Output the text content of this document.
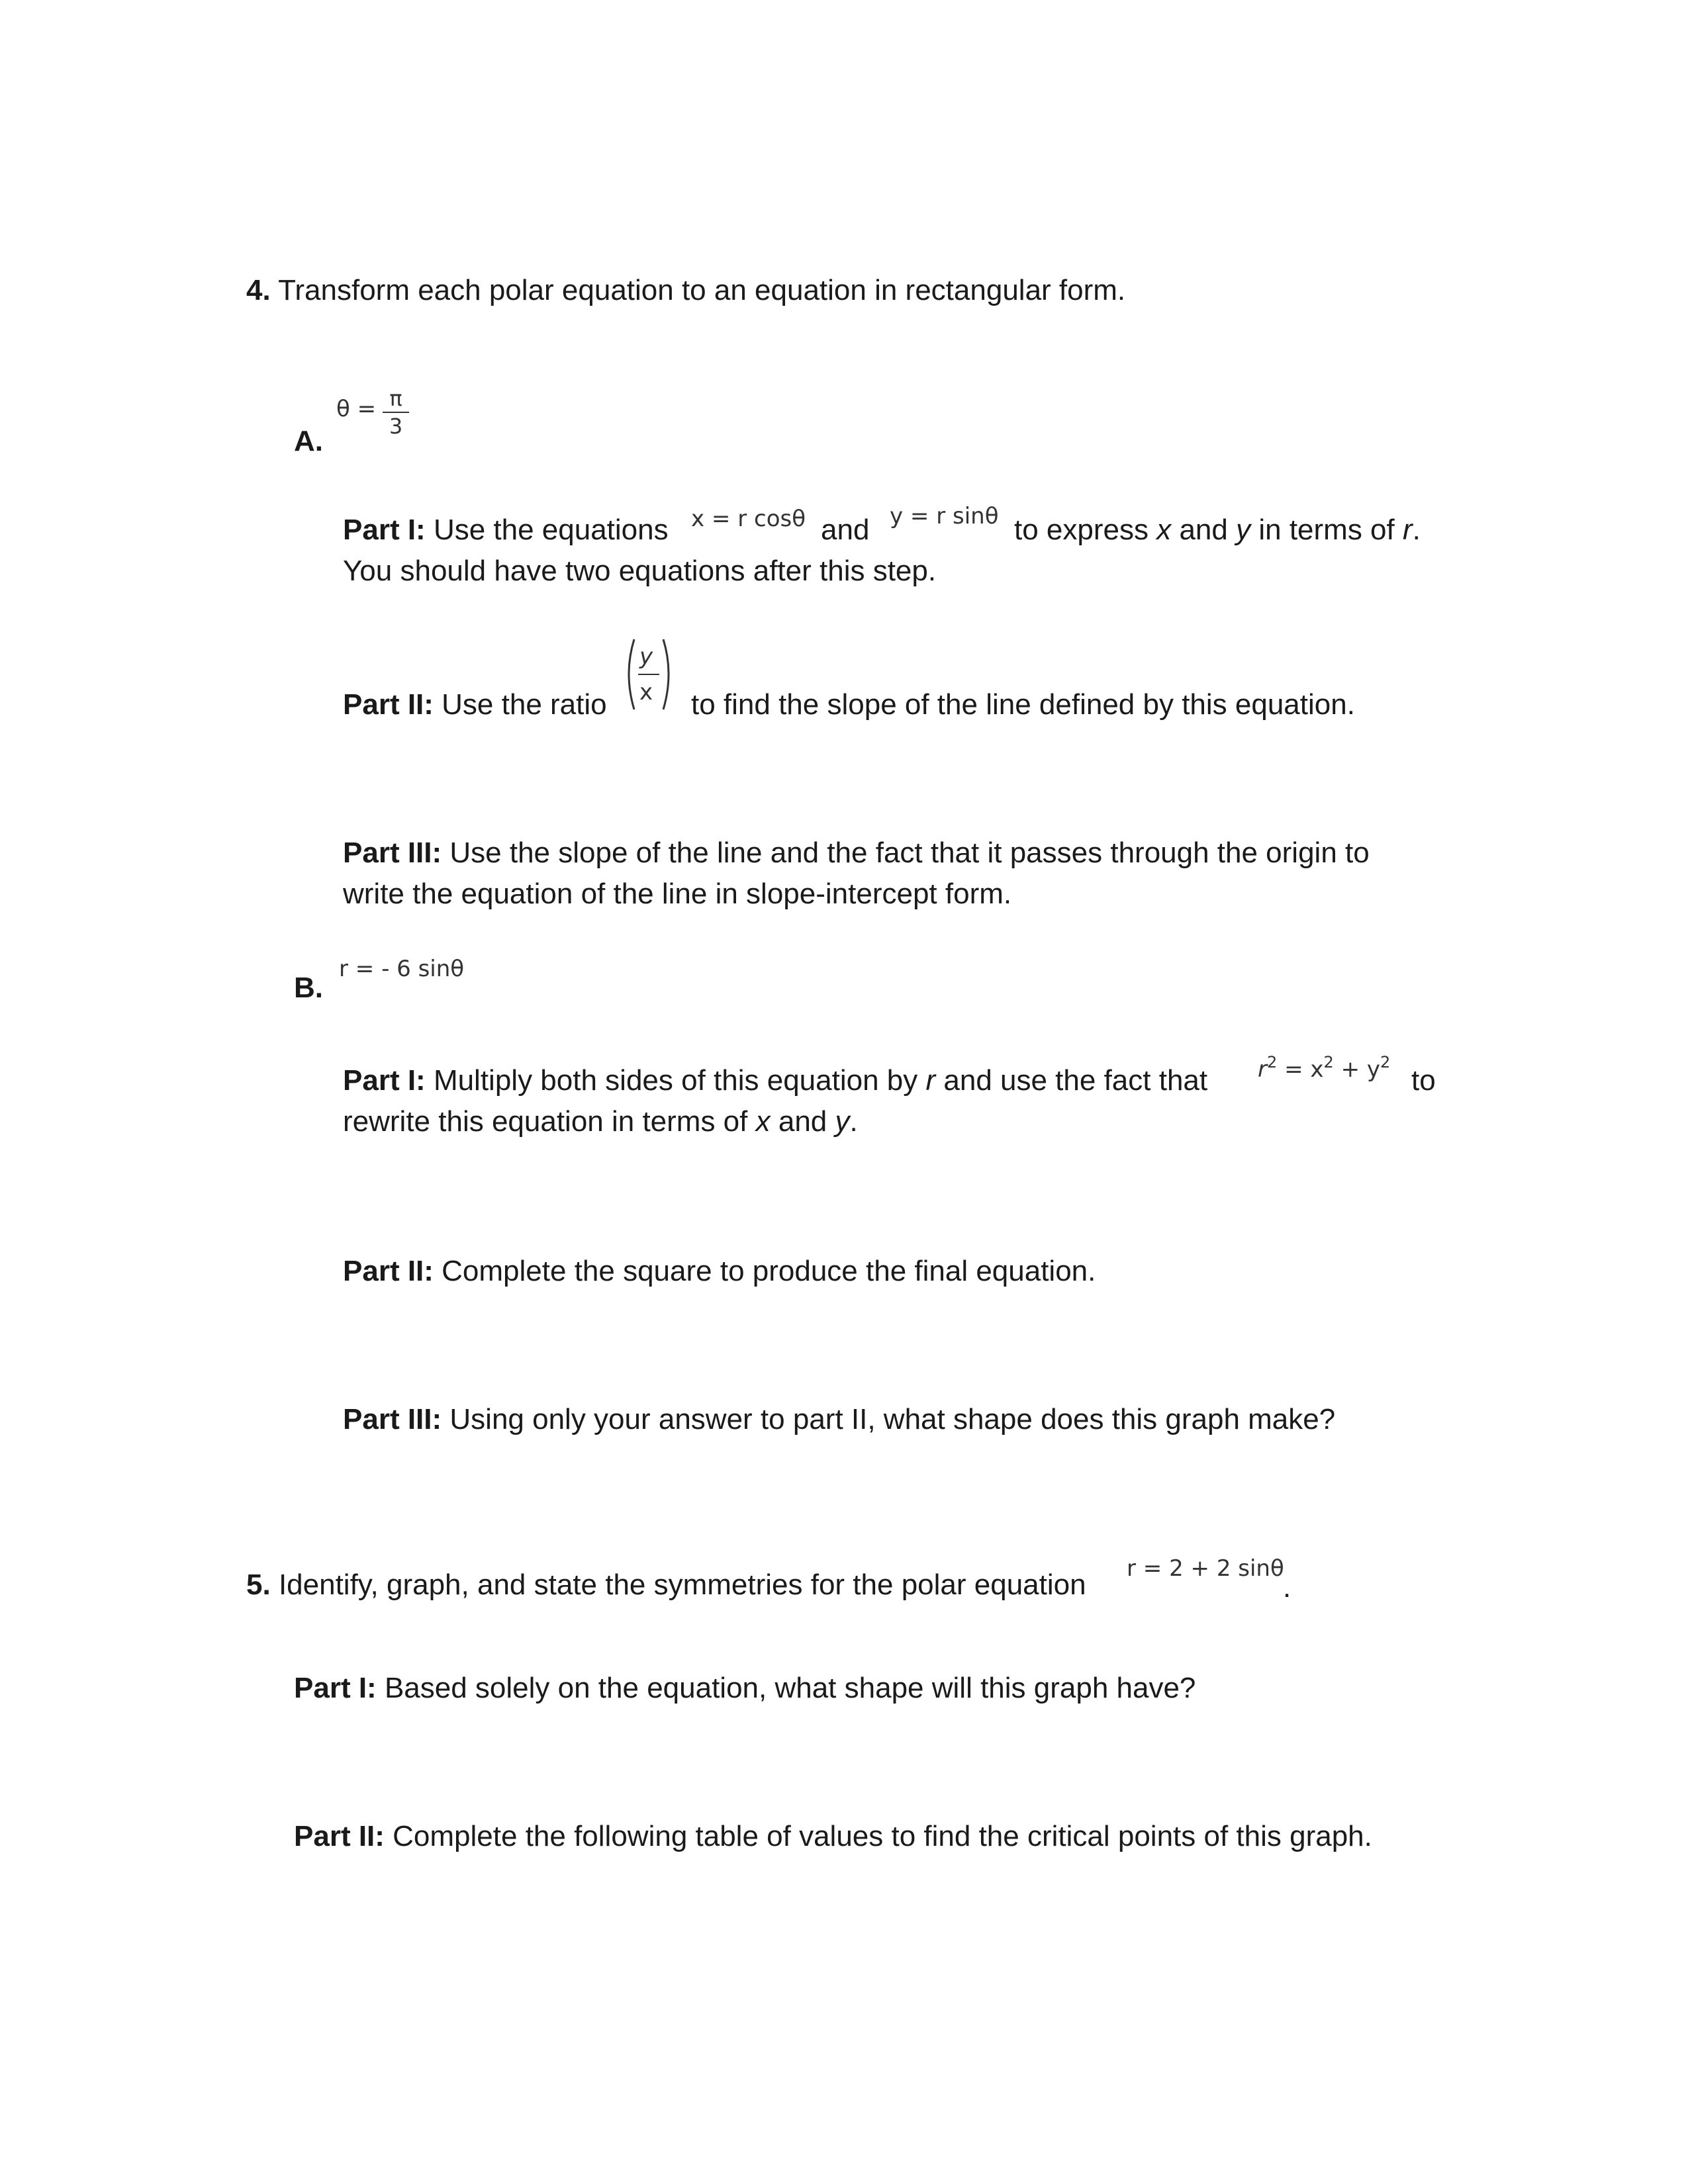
4. Transform each polar equation to an equation in rectangular form.
A.
θ = π
3
Part I: Use the equations x = r cosθ and y = r sinθ to express x and y in terms of r.
You should have two equations after this step.
Part II: Use the ratio
y
x to find the slope of the line defined by this equation.
Part III: Use the slope of the line and the fact that it passes through the origin to
write the equation of the line in slope-intercept form.
B.
r = - 6 sinθ
Part I: Multiply both sides of this equation by r and use the fact that $r^2 = x^2 + y^2$
to
rewrite this equation in terms of x and y.
Part II: Complete the square to produce the final equation.
Part III: Using only your answer to part II, what shape does this graph make?
5. Identify, graph, and state the symmetries for the polar equation r = 2 + 2 sinθ
.
Part I: Based solely on the equation, what shape will this graph have?
Part II: Complete the following table of values to find the critical points of this graph.
